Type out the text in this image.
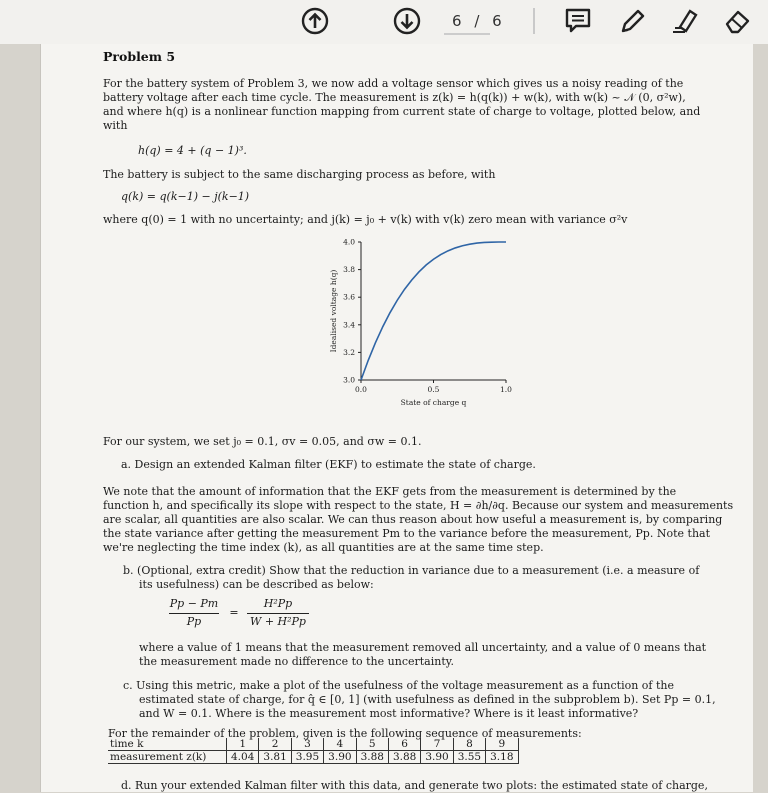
6 / 6
Problem 5

For the battery system of Problem 3, we now add a voltage sensor which gives us a noisy reading of the

battery voltage after each time cycle. The measurement is z(k) = h(q(k)) + w(k), with w(k) ~ 𝒩 (0, σ²w),

and where h(q) is a nonlinear function mapping from current state of charge to voltage, plotted below, and

with

h(q) = 4 + (q − 1)³.

The battery is subject to the same discharging process as before, with

q(k) = q(k−1) − j(k−1)

where q(0) = 1 with no uncertainty; and j(k) = j₀ + v(k) with v(k) zero mean with variance σ²v

3.0
3.2
3.4
3.6
3.8
4.0
0.0	0.5	1.0
State of charge q
Idealised voltage h(q)

For our system, we set j₀ = 0.1, σv = 0.05, and σw = 0.1.

a. Design an extended Kalman filter (EKF) to estimate the state of charge.

We note that the amount of information that the EKF gets from the measurement is determined by the

function h, and specifically its slope with respect to the state, H = ∂h/∂q. Because our system and measurements

are scalar, all quantities are also scalar. We can thus reason about how useful a measurement is, by comparing

the state variance after getting the measurement Pm to the variance before the measurement, Pp. Note that

we're neglecting the time index (k), as all quantities are at the same time step.

b. (Optional, extra credit) Show that the reduction in variance due to a measurement (i.e. a measure of

its usefulness) can be described as below:

Pp − Pm
Pp
=
H²Pp
W + H²Pp

where a value of 1 means that the measurement removed all uncertainty, and a value of 0 means that

the measurement made no difference to the uncertainty.

c. Using this metric, make a plot of the usefulness of the voltage measurement as a function of the

estimated state of charge, for q̂ ∈ [0, 1] (with usefulness as defined in the subproblem b). Set Pp = 0.1,

and W = 0.1. Where is the measurement most informative? Where is it least informative?

For the remainder of the problem, given is the following sequence of measurements:

time k	1	2	3	4	5	6	7	8	9
measurement z(k)	4.04	3.81	3.95	3.90	3.88	3.88	3.90	3.55	3.18

d. Run your extended Kalman filter with this data, and generate two plots: the estimated state of charge,
